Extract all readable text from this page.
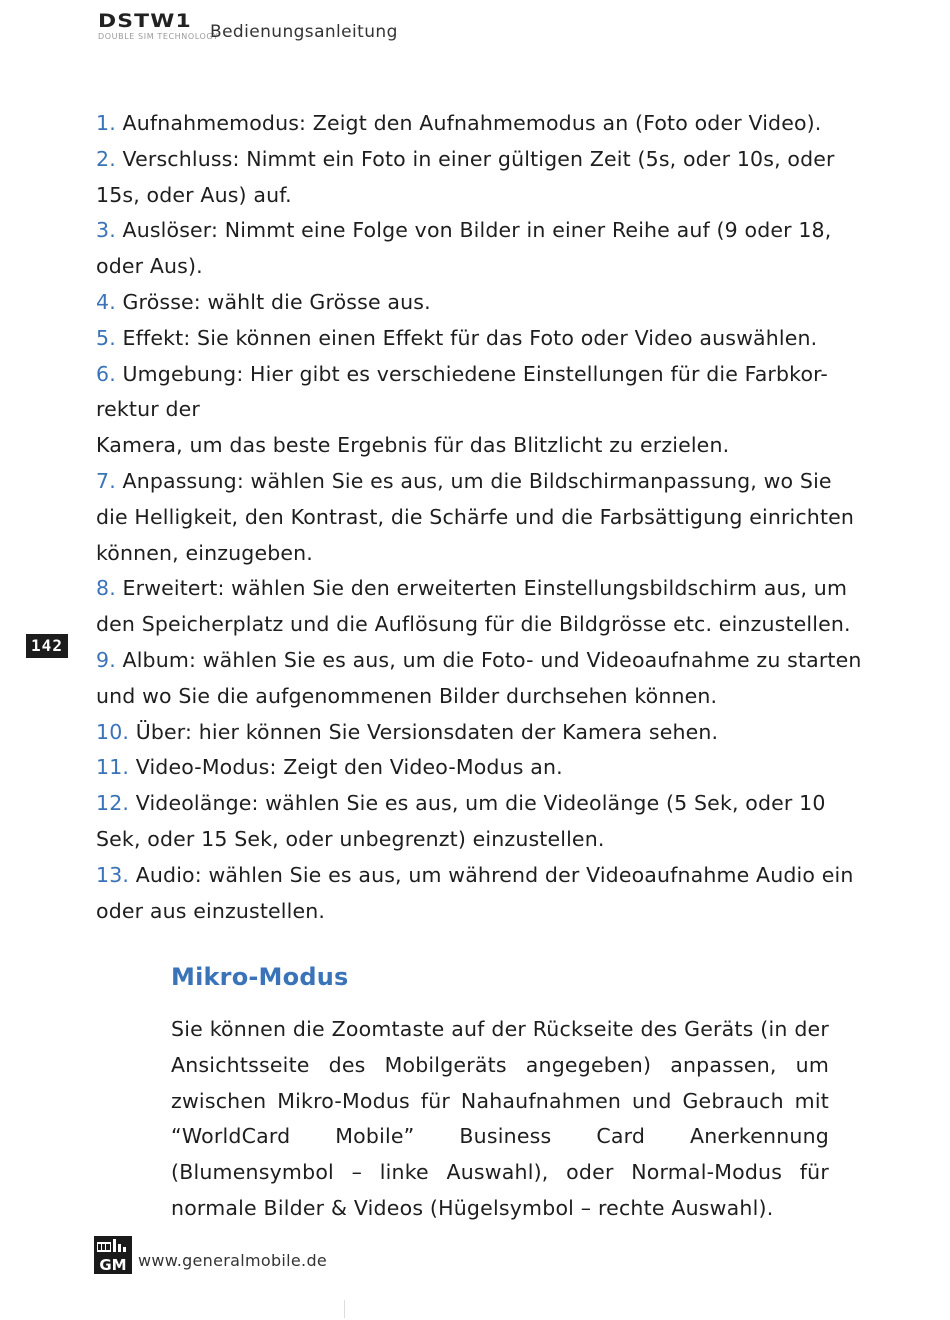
DSTW1
DOUBLE SIM TECHNOLOGY
Bedienungsanleitung
142
1. Aufnahmemodus: Zeigt den Aufnahmemodus an (Foto oder Video).
2. Verschluss: Nimmt ein Foto in einer gültigen Zeit (5s, oder 10s, oder 15s, oder Aus) auf.
3. Auslöser: Nimmt eine Folge von Bilder in einer Reihe auf (9 oder 18, oder Aus).
4. Grösse: wählt die Grösse aus.
5. Effekt: Sie können einen Effekt für das Foto oder Video auswählen.
6. Umgebung: Hier gibt es verschiedene Einstellungen für die Farbkor-rektur der
Kamera, um das beste Ergebnis für das Blitzlicht zu erzielen.
7. Anpassung: wählen Sie es aus, um die Bildschirmanpassung, wo Sie die Helligkeit, den Kontrast, die Schärfe und die Farbsättigung einrichten können, einzugeben.
8. Erweitert: wählen Sie den erweiterten Einstellungsbildschirm aus, um den Speicherplatz und die Auflösung für die Bildgrösse etc. einzustellen.
9. Album: wählen Sie es aus, um die Foto- und Videoaufnahme zu starten und wo Sie die aufgenommenen Bilder durchsehen können.
10. Über: hier können Sie Versionsdaten der Kamera sehen.
11. Video-Modus: Zeigt den Video-Modus an.
12. Videolänge: wählen Sie es aus, um die Videolänge (5 Sek, oder 10 Sek, oder 15 Sek, oder unbegrenzt) einzustellen.
13. Audio: wählen Sie es aus, um während der Videoaufnahme Audio ein oder aus einzustellen.
Mikro-Modus

Sie können die Zoomtaste auf der Rückseite des Geräts (in der Ansichtsseite des Mobilgeräts angegeben) anpassen, um zwischen Mikro-Modus für Nahaufnahmen und Gebrauch mit “WorldCard Mobile” Business Card Anerkennung (Blumensymbol – linke Auswahl), oder Normal-Modus für normale Bilder & Videos (Hügelsymbol – rechte Auswahl).

GM www.generalmobile.de
